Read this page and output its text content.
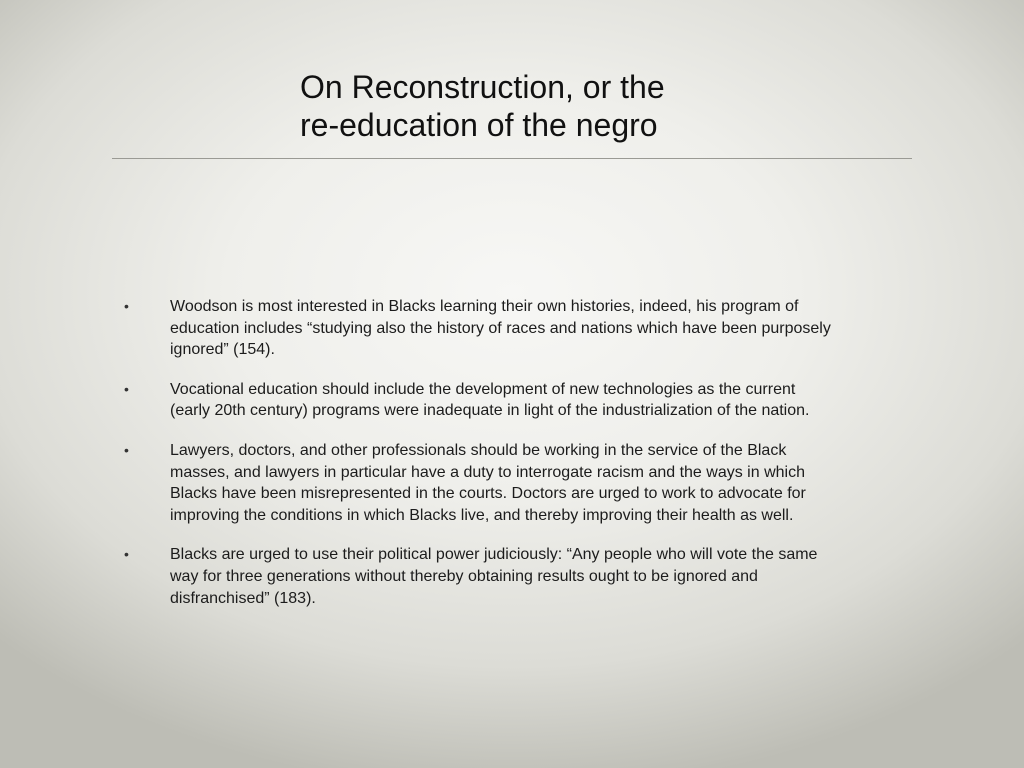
On Reconstruction, or the
re-education of the negro
•	Woodson is most interested in Blacks learning their own histories, indeed, his program of
education includes “studying also the history of races and nations which have been purposely
ignored” (154).
•	Vocational education should include the development of new technologies as the current
(early 20th century) programs were inadequate in light of the industrialization of the nation.
•	Lawyers, doctors, and other professionals should be working in the service of the Black
masses, and lawyers in particular have a duty to interrogate racism and the ways in which
Blacks have been misrepresented in the courts. Doctors are urged to work to advocate for
improving the conditions in which Blacks live, and thereby improving their health as well.
•	Blacks are urged to use their political power judiciously: “Any people who will vote the same
way for three generations without thereby obtaining results ought to be ignored and
disfranchised” (183).
